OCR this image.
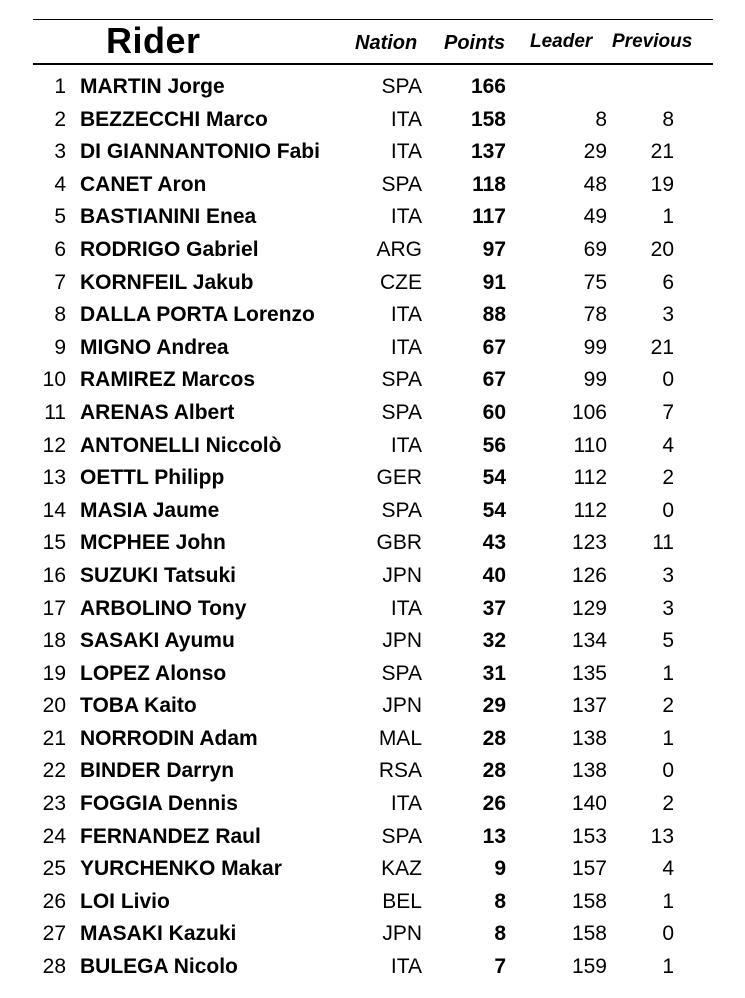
Rider	Nation Points Leader Previous
1 MARTIN Jorge	SPA	166
2 BEZZECCHI Marco	ITA	158	8	8
3 DI GIANNANTONIO Fabi	ITA	137	29	21
4 CANET Aron	SPA	118	48	19
5 BASTIANINI Enea	ITA	117	49	1
6 RODRIGO Gabriel	ARG	97	69	20
7 KORNFEIL Jakub	CZE	91	75	6
8 DALLA PORTA Lorenzo	ITA	88	78	3
9 MIGNO Andrea	ITA	67	99	21
10 RAMIREZ Marcos	SPA	67	99	0
11 ARENAS Albert	SPA	60	106	7
12 ANTONELLI Niccolò	ITA	56	110	4
13 OETTL Philipp	GER	54	112	2
14 MASIA Jaume	SPA	54	112	0
15 MCPHEE John	GBR	43	123	11
16 SUZUKI Tatsuki	JPN	40	126	3
17 ARBOLINO Tony	ITA	37	129	3
18 SASAKI Ayumu	JPN	32	134	5
19 LOPEZ Alonso	SPA	31	135	1
20 TOBA Kaito	JPN	29	137	2
21 NORRODIN Adam	MAL	28	138	1
22 BINDER Darryn	RSA	28	138	0
23 FOGGIA Dennis	ITA	26	140	2
24 FERNANDEZ Raul	SPA	13	153	13
25 YURCHENKO Makar	KAZ	9	157	4
26 LOI Livio	BEL	8	158	1
27 MASAKI Kazuki	JPN	8	158	0
28 BULEGA Nicolo	ITA	7	159	1
